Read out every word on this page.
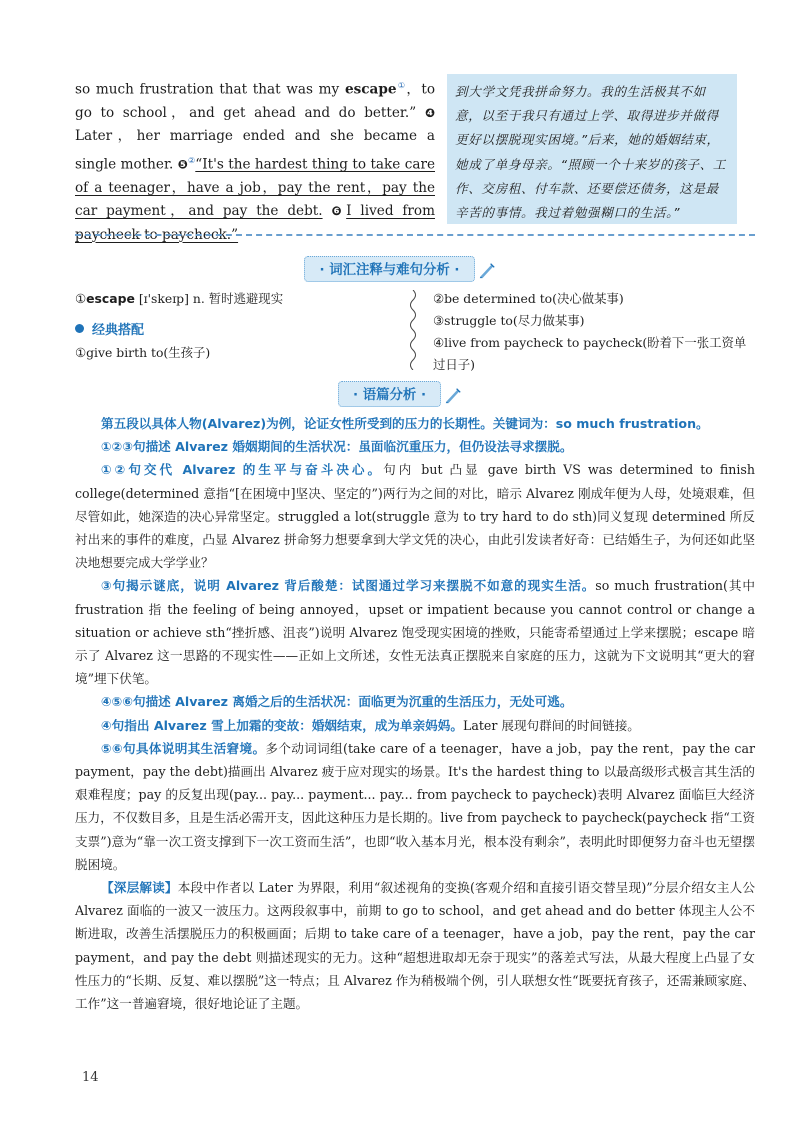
so much frustration that that was my escape①，to go to school，and get ahead and do better.” ❹ Later，her marriage ended and she became a single mother. ❺②“It's the hardest thing to take care of a teenager，have a job，pay the rent，pay the car payment，and pay the debt. ❻I lived from paycheck to paycheck.”
到大学文凭我拼命努力。我的生活极其不如意，以至于我只有通过上学、取得进步并做得更好以摆脱现实困境。”后来，她的婚姻结束，她成了单身母亲。“照顾一个十来岁的孩子、工作、交房租、付车款、还要偿还债务，这是最辛苦的事情。我过着勉强糊口的生活。”
· 词汇注释与难句分析 ·
①escape [ɪ'skeɪp] n. 暂时逃避现实
经典搭配
①give birth to(生孩子)
②be determined to(决心做某事)
③struggle to(尽力做某事)
④live from paycheck to paycheck(盼着下一张工资单过日子)
· 语篇分析 ·

第五段以具体人物(Alvarez)为例，论证女性所受到的压力的长期性。关键词为：so much frustration。

①②③句描述 Alvarez 婚姻期间的生活状况：虽面临沉重压力，但仍设法寻求摆脱。

①②句交代 Alvarez 的生平与奋斗决心。句内 but 凸显 gave birth VS was determined to finish college(determined 意指“[在困境中]坚决、坚定的”)两行为之间的对比，暗示 Alvarez 刚成年便为人母，处境艰难，但尽管如此，她深造的决心异常坚定。struggled a lot(struggle 意为 to try hard to do sth)同义复现 determined 所反衬出来的事件的难度，凸显 Alvarez 拼命努力想要拿到大学文凭的决心，由此引发读者好奇：已结婚生子，为何还如此坚决地想要完成大学学业？

③句揭示谜底，说明 Alvarez 背后酸楚：试图通过学习来摆脱不如意的现实生活。so much frustration(其中 frustration 指 the feeling of being annoyed，upset or impatient because you cannot control or change a situation or achieve sth“挫折感、沮丧”)说明 Alvarez 饱受现实困境的挫败，只能寄希望通过上学来摆脱；escape 暗示了 Alvarez 这一思路的不现实性——正如上文所述，女性无法真正摆脱来自家庭的压力，这就为下文说明其“更大的窘境”埋下伏笔。

④⑤⑥句描述 Alvarez 离婚之后的生活状况：面临更为沉重的生活压力，无处可逃。

④句指出 Alvarez 雪上加霜的变故：婚姻结束，成为单亲妈妈。Later 展现句群间的时间链接。

⑤⑥句具体说明其生活窘境。多个动词词组(take care of a teenager，have a job，pay the rent，pay the car payment，pay the debt)描画出 Alvarez 疲于应对现实的场景。It's the hardest thing to 以最高级形式极言其生活的艰难程度；pay 的反复出现(pay... pay... payment... pay... from paycheck to paycheck)表明 Alvarez 面临巨大经济压力，不仅数目多，且是生活必需开支，因此这种压力是长期的。live from paycheck to paycheck(paycheck 指“工资支票”)意为“靠一次工资支撑到下一次工资而生活”，也即“收入基本月光，根本没有剩余”，表明此时即便努力奋斗也无望摆脱困境。

【深层解读】本段中作者以 Later 为界限，利用“叙述视角的变换(客观介绍和直接引语交替呈现)”分层介绍女主人公 Alvarez 面临的一波又一波压力。这两段叙事中，前期 to go to school，and get ahead and do better 体现主人公不断进取，改善生活摆脱压力的积极画面；后期 to take care of a teenager，have a job，pay the rent，pay the car payment，and pay the debt 则描述现实的无力。这种“超想进取却无奈于现实”的落差式写法，从最大程度上凸显了女性压力的“长期、反复、难以摆脱”这一特点；且 Alvarez 作为稍极端个例，引人联想女性“既要抚育孩子，还需兼顾家庭、工作”这一普遍窘境，很好地论证了主题。

14
